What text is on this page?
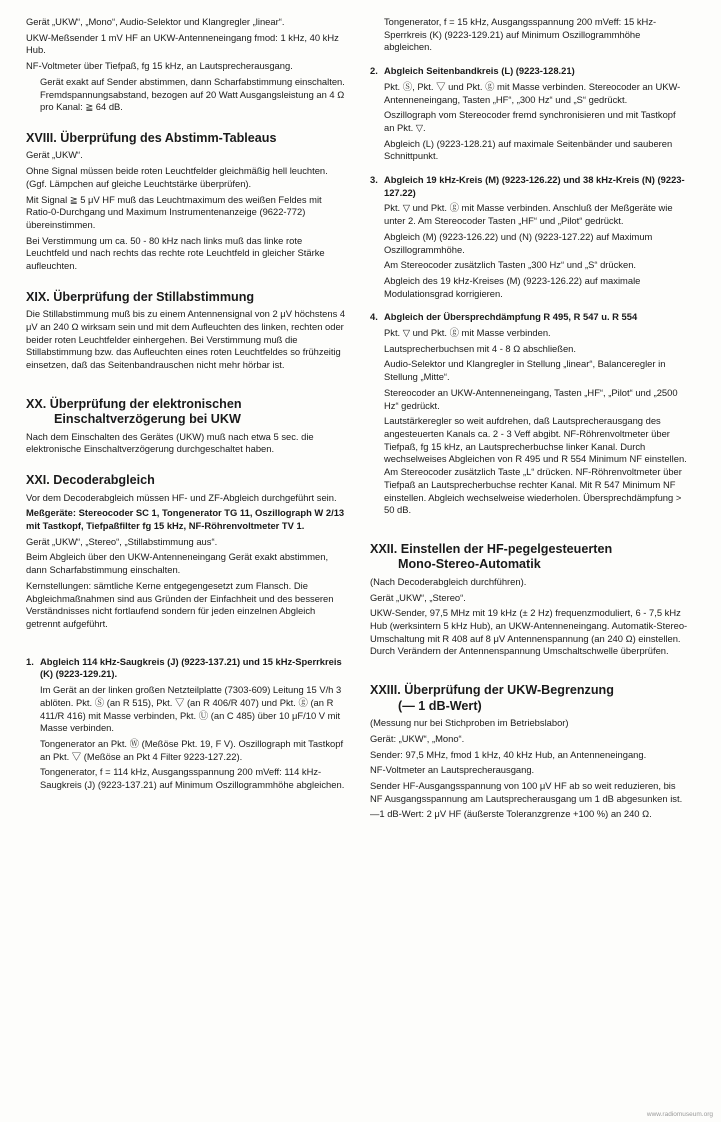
Gerät „UKW“, „Mono“, Audio-Selektor und Klangregler „linear“.

UKW-Meßsender 1 mV HF an UKW-Antenneneingang fmod: 1 kHz, 40 kHz Hub.

NF-Voltmeter über Tiefpaß, fg 15 kHz, an Lautsprecherausgang.

Gerät exakt auf Sender abstimmen, dann Scharfabstimmung einschalten. Fremdspannungsabstand, bezogen auf 20 Watt Ausgangsleistung an 4 Ω pro Kanal: ≧ 64 dB.

XVIII. Überprüfung des Abstimm-Tableaus

Gerät „UKW“.

Ohne Signal müssen beide roten Leuchtfelder gleichmäßig hell leuchten. (Ggf. Lämpchen auf gleiche Leuchtstärke überprüfen).

Mit Signal ≧ 5 μV HF muß das Leuchtmaximum des weißen Feldes mit Ratio-0-Durchgang und Maximum Instrumentenanzeige (9622-772) übereinstimmen.

Bei Verstimmung um ca. 50 - 80 kHz nach links muß das linke rote Leuchtfeld und nach rechts das rechte rote Leuchtfeld in gleicher Stärke aufleuchten.

XIX. Überprüfung der Stillabstimmung

Die Stillabstimmung muß bis zu einem Antennensignal von 2 μV höchstens 4 μV an 240 Ω wirksam sein und mit dem Aufleuchten des linken, rechten oder beider roten Leuchtfelder einhergehen. Bei Verstimmung muß die Stillabstimmung bzw. das Aufleuchten eines roten Leuchtfeldes so frühzeitig einsetzen, daß das Seitenbandrauschen nicht mehr hörbar ist.

XX. Überprüfung der elektronischen
Einschaltverzögerung bei UKW

Nach dem Einschalten des Gerätes (UKW) muß nach etwa 5 sec. die elektronische Einschaltverzögerung durchgeschaltet haben.

XXI. Decoderabgleich

Vor dem Decoderabgleich müssen HF- und ZF-Abgleich durchgeführt sein.

Meßgeräte: Stereocoder SC 1, Tongenerator TG 11, Oszillograph W 2/13 mit Tastkopf, Tiefpaßfilter fg 15 kHz, NF-Röhrenvoltmeter TV 1.

Gerät „UKW“, „Stereo“, „Stillabstimmung aus“.

Beim Abgleich über den UKW-Antenneneingang Gerät exakt abstimmen, dann Scharfabstimmung einschalten.

Kernstellungen: sämtliche Kerne entgegengesetzt zum Flansch. Die Abgleichmaßnahmen sind aus Gründen der Einfachheit und des besseren Verständnisses nicht fortlaufend sondern für jeden einzelnen Abgleich getrennt aufgeführt.

1. Abgleich 114 kHz-Saugkreis (J) (9223-137.21) und 15 kHz-Sperrkreis (K) (9223-129.21).

Im Gerät an der linken großen Netzteilplatte (7303-609) Leitung 15 V/h 3 ablöten. Pkt. Ⓢ (an R 515), Pkt. ▽ (an R 406/R 407) und Pkt. ⓖ (an R 411/R 416) mit Masse verbinden, Pkt. Ⓤ (an C 485) über 10 μF/10 V mit Masse verbinden.

Tongenerator an Pkt. Ⓦ (Meßöse Pkt. 19, F V). Oszillograph mit Tastkopf an Pkt. ▽ (Meßöse an Pkt 4 Filter 9223-127.22).

Tongenerator, f = 114 kHz, Ausgangsspannung 200 mVeff: 114 kHz-Saugkreis (J) (9223-137.21) auf Minimum Oszillogrammhöhe abgleichen.

Tongenerator, f = 15 kHz, Ausgangsspannung 200 mVeff: 15 kHz-Sperrkreis (K) (9223-129.21) auf Minimum Oszillogrammhöhe abgleichen.

2. Abgleich Seitenbandkreis (L) (9223-128.21)

Pkt. Ⓢ, Pkt. ▽ und Pkt. ⓖ mit Masse verbinden. Stereocoder an UKW-Antenneneingang, Tasten „HF“, „300 Hz“ und „S“ gedrückt.

Oszillograph vom Stereocoder fremd synchronisieren und mit Tastkopf an Pkt. ▽.

Abgleich (L) (9223-128.21) auf maximale Seitenbänder und sauberen Schnittpunkt.

3. Abgleich 19 kHz-Kreis (M) (9223-126.22) und 38 kHz-Kreis (N) (9223-127.22)

Pkt. ▽ und Pkt. ⓖ mit Masse verbinden. Anschluß der Meßgeräte wie unter 2. Am Stereocoder Tasten „HF“ und „Pilot“ gedrückt.

Abgleich (M) (9223-126.22) und (N) (9223-127.22) auf Maximum Oszillogrammhöhe.

Am Stereocoder zusätzlich Tasten „300 Hz“ und „S“ drücken.

Abgleich des 19 kHz-Kreises (M) (9223-126.22) auf maximale Modulationsgrad korrigieren.

4. Abgleich der Übersprechdämpfung R 495, R 547 u. R 554

Pkt. ▽ und Pkt. ⓖ mit Masse verbinden.

Lautsprecherbuchsen mit 4 - 8 Ω abschließen.

Audio-Selektor und Klangregler in Stellung „linear“, Balanceregler in Stellung „Mitte“.

Stereocoder an UKW-Antenneneingang, Tasten „HF“, „Pilot“ und „2500 Hz“ gedrückt.

Lautstärkeregler so weit aufdrehen, daß Lautsprecherausgang des angesteuerten Kanals ca. 2 - 3 Veff abgibt. NF-Röhrenvoltmeter über Tiefpaß, fg 15 kHz, an Lautsprecherbuchse linker Kanal. Durch wechselweises Abgleichen von R 495 und R 554 Minimum NF einstellen. Am Stereocoder zusätzlich Taste „L“ drücken. NF-Röhrenvoltmeter über Tiefpaß an Lautsprecherbuchse rechter Kanal. Mit R 547 Minimum NF einstellen. Abgleich wechselweise wiederholen. Übersprechdämpfung > 50 dB.

XXII. Einstellen der HF-pegelgesteuerten
Mono-Stereo-Automatik

(Nach Decoderabgleich durchführen).

Gerät „UKW“, „Stereo“.

UKW-Sender, 97,5 MHz mit 19 kHz (± 2 Hz) frequenzmoduliert, 6 - 7,5 kHz Hub (werksintern 5 kHz Hub), an UKW-Antenneneingang. Automatik-Stereo-Umschaltung mit R 408 auf 8 μV Antennenspannung (an 240 Ω) einstellen. Durch Verändern der Antennenspannung Umschaltschwelle überprüfen.

XXIII. Überprüfung der UKW-Begrenzung
(— 1 dB-Wert)

(Messung nur bei Stichproben im Betriebslabor)

Gerät: „UKW“, „Mono“.

Sender: 97,5 MHz, fmod 1 kHz, 40 kHz Hub, an Antenneneingang.

NF-Voltmeter an Lautsprecherausgang.

Sender HF-Ausgangsspannung von 100 μV HF ab so weit reduzieren, bis NF Ausgangsspannung am Lautsprecherausgang um 1 dB abgesunken ist.

—1 dB-Wert: 2 μV HF (äußerste Toleranzgrenze +100 %) an 240 Ω.

www.radiomuseum.org
